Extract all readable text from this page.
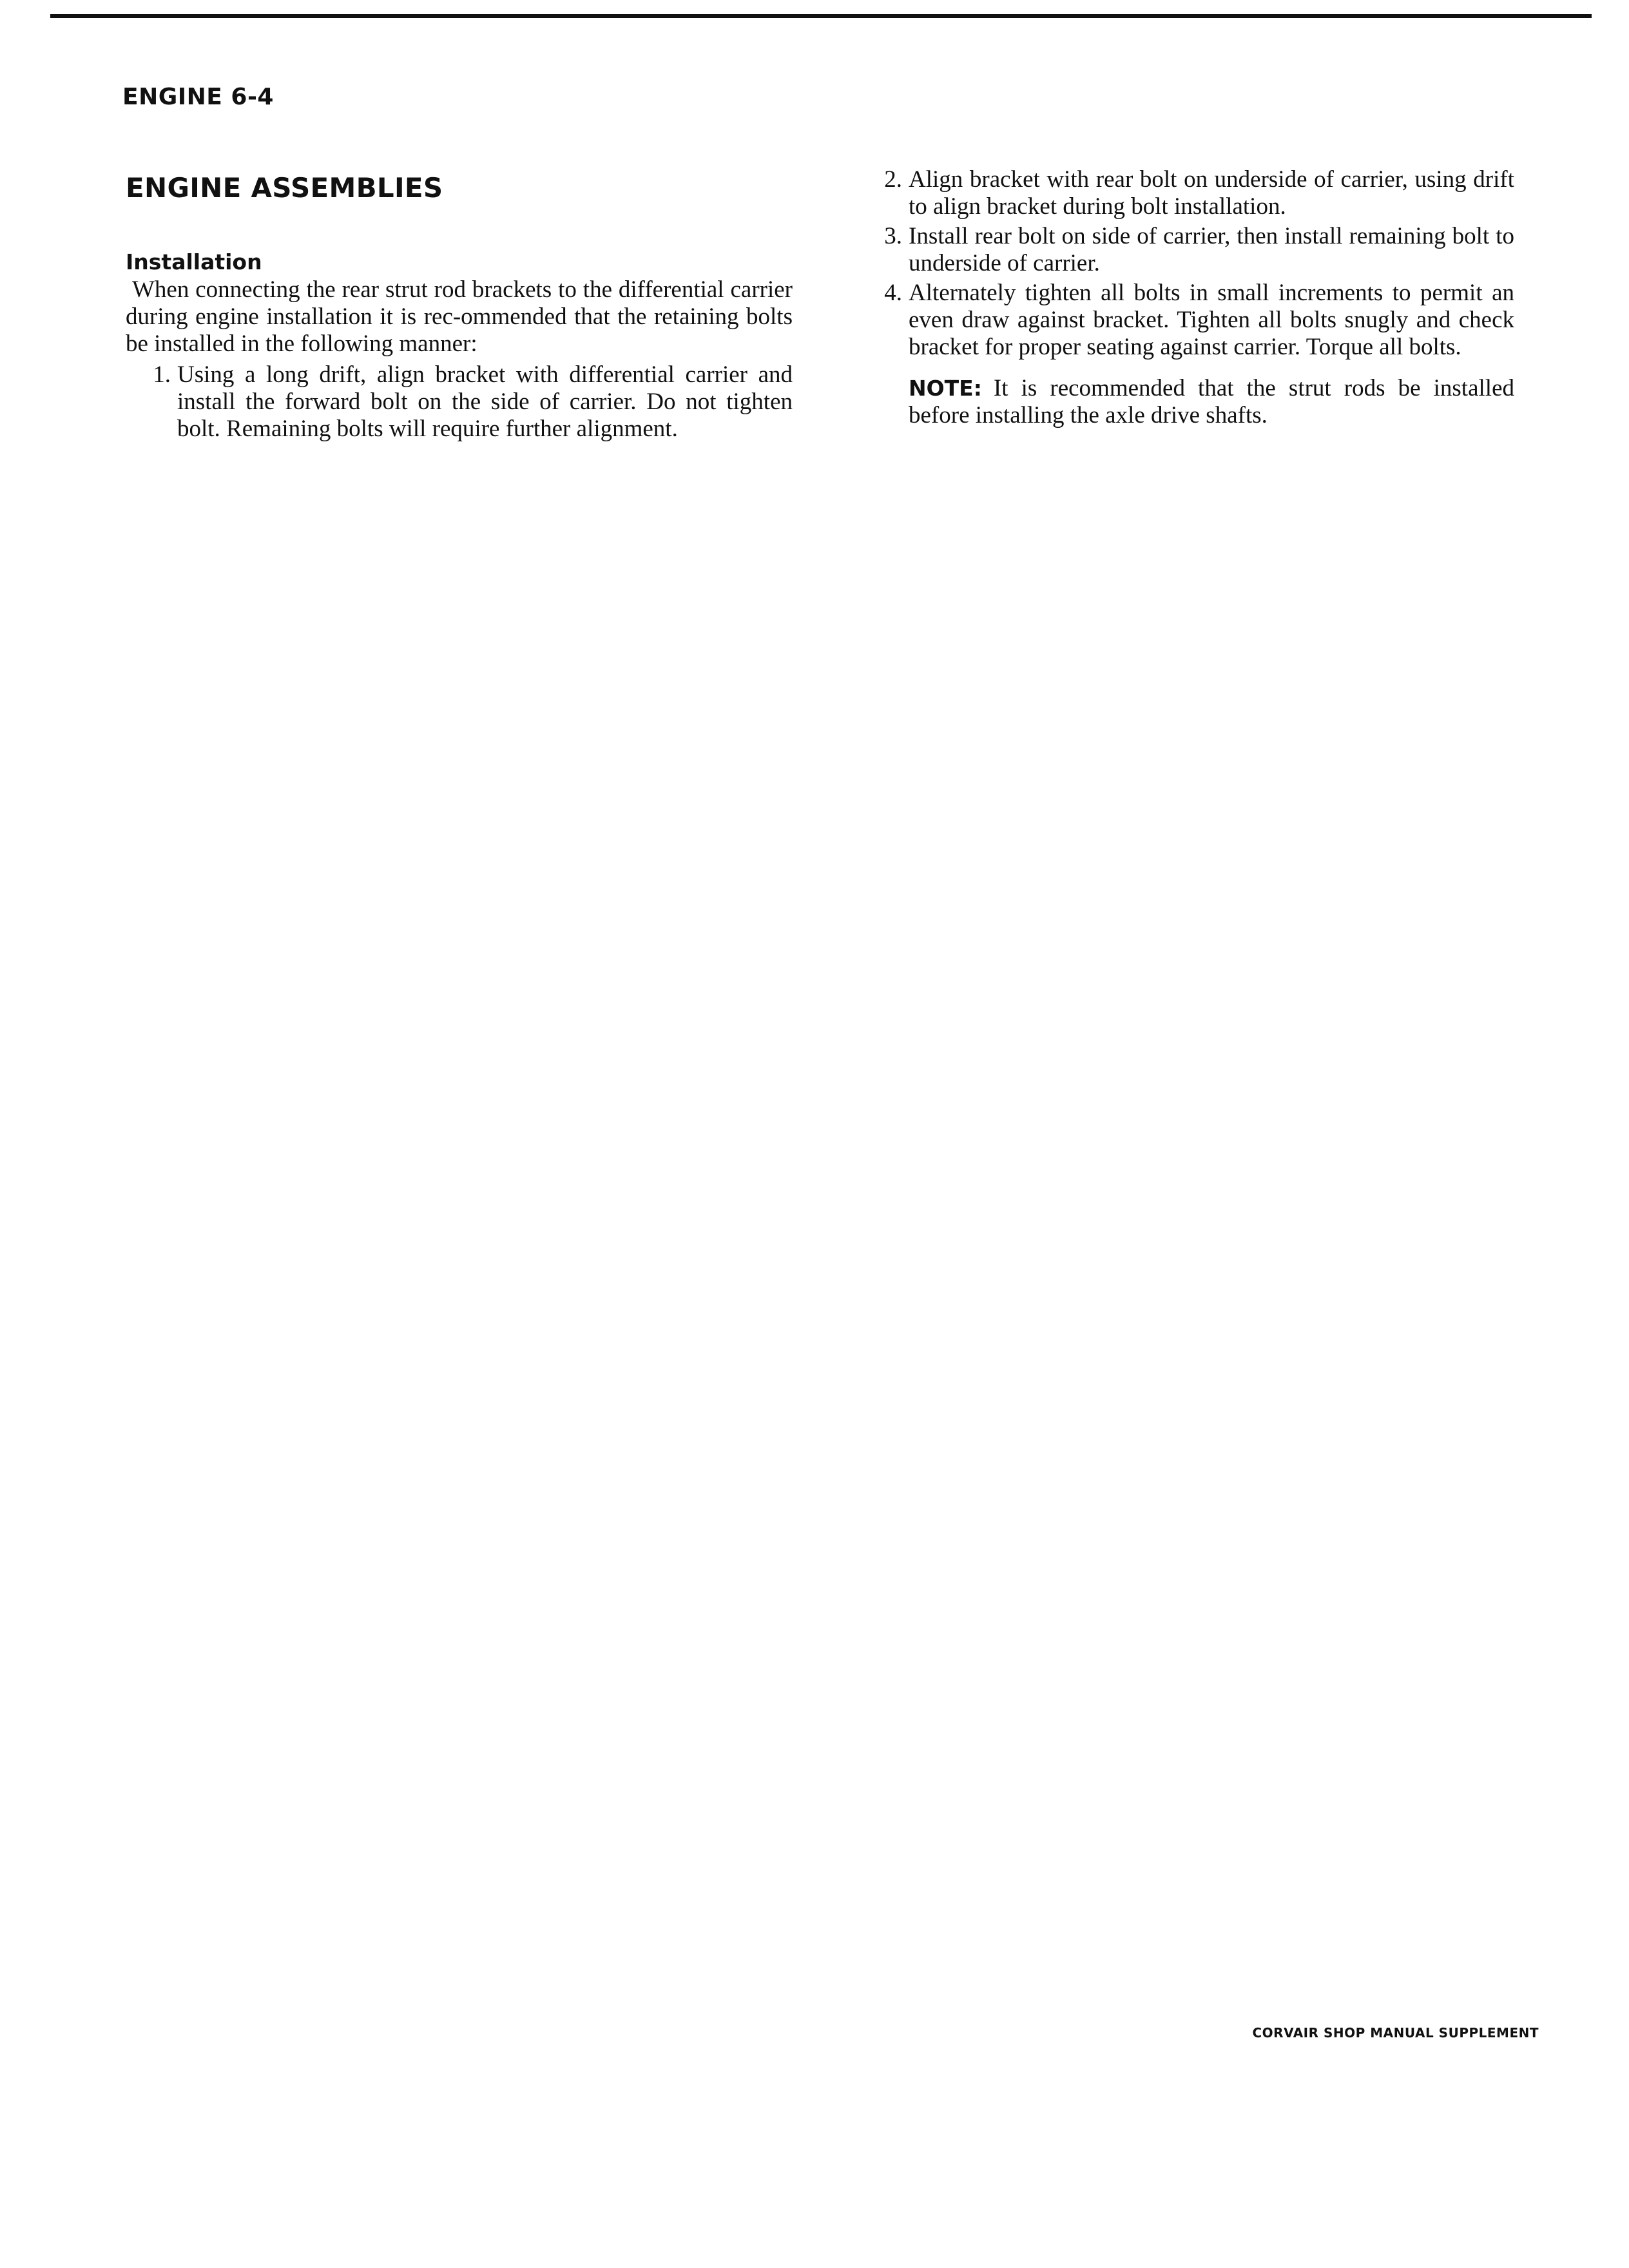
ENGINE 6-4
ENGINE ASSEMBLIES
Installation
When connecting the rear strut rod brackets to the differential carrier during engine installation it is rec-ommended that the retaining bolts be installed in the following manner:
1. Using a long drift, align bracket with differential carrier and install the forward bolt on the side of carrier. Do not tighten bolt. Remaining bolts will require further alignment.
2. Align bracket with rear bolt on underside of carrier, using drift to align bracket during bolt installation.
3. Install rear bolt on side of carrier, then install remaining bolt to underside of carrier.
4. Alternately tighten all bolts in small increments to permit an even draw against bracket. Tighten all bolts snugly and check bracket for proper seating against carrier. Torque all bolts.
NOTE: It is recommended that the strut rods be installed before installing the axle drive shafts.
CORVAIR SHOP MANUAL SUPPLEMENT
